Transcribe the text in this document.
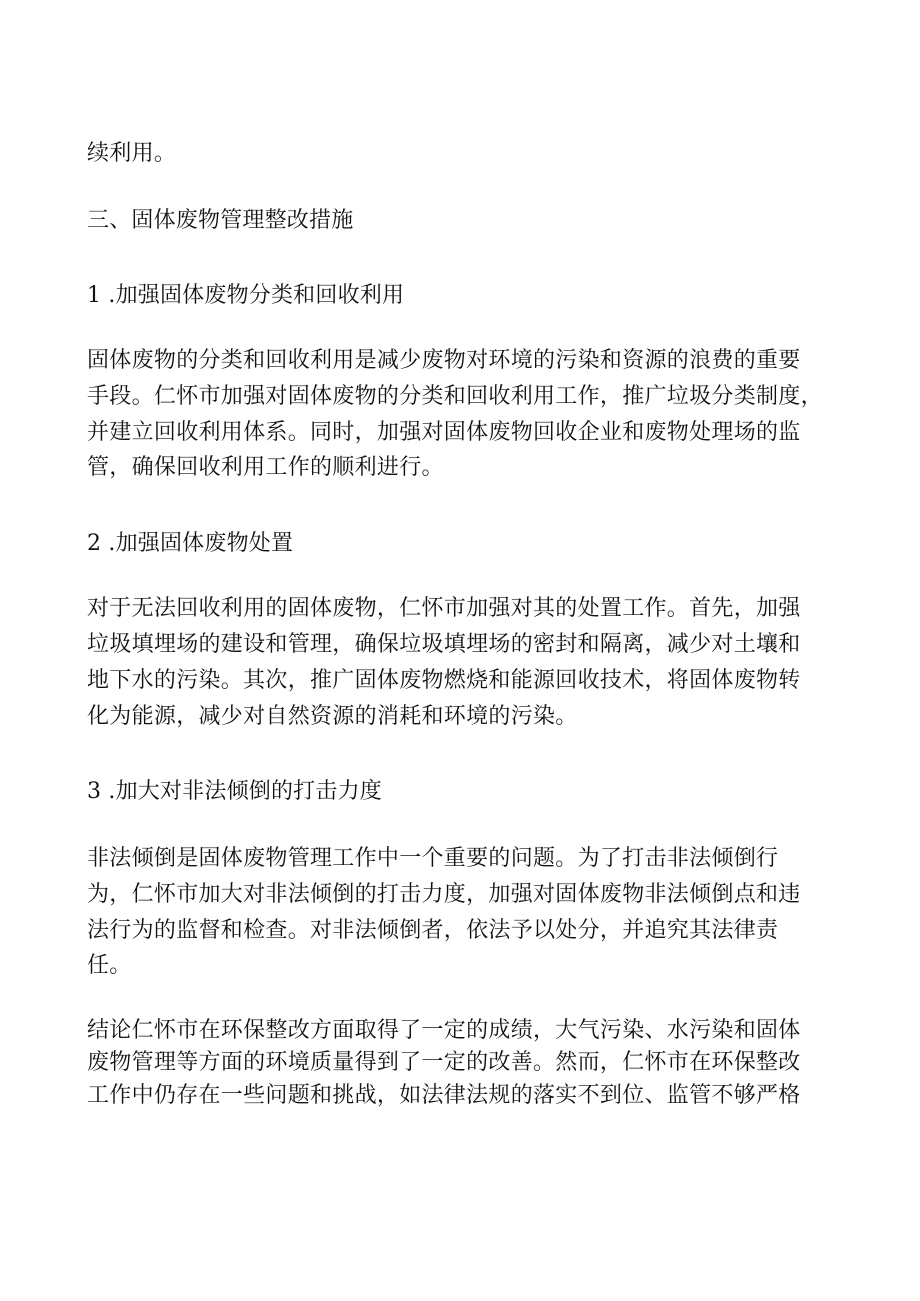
续利用。
三、固体废物管理整改措施
1 .加强固体废物分类和回收利用
固体废物的分类和回收利用是减少废物对环境的污染和资源的浪费的重要
手段。仁怀市加强对固体废物的分类和回收利用工作，推广垃圾分类制度，
并建立回收利用体系。同时，加强对固体废物回收企业和废物处理场的监
管，确保回收利用工作的顺利进行。
2 .加强固体废物处置
对于无法回收利用的固体废物，仁怀市加强对其的处置工作。首先，加强
垃圾填埋场的建设和管理，确保垃圾填埋场的密封和隔离，减少对土壤和
地下水的污染。其次，推广固体废物燃烧和能源回收技术，将固体废物转
化为能源，减少对自然资源的消耗和环境的污染。
3 .加大对非法倾倒的打击力度
非法倾倒是固体废物管理工作中一个重要的问题。为了打击非法倾倒行
为，仁怀市加大对非法倾倒的打击力度，加强对固体废物非法倾倒点和违
法行为的监督和检查。对非法倾倒者，依法予以处分，并追究其法律责
任。
结论仁怀市在环保整改方面取得了一定的成绩，大气污染、水污染和固体
废物管理等方面的环境质量得到了一定的改善。然而，仁怀市在环保整改
工作中仍存在一些问题和挑战，如法律法规的落实不到位、监管不够严格
